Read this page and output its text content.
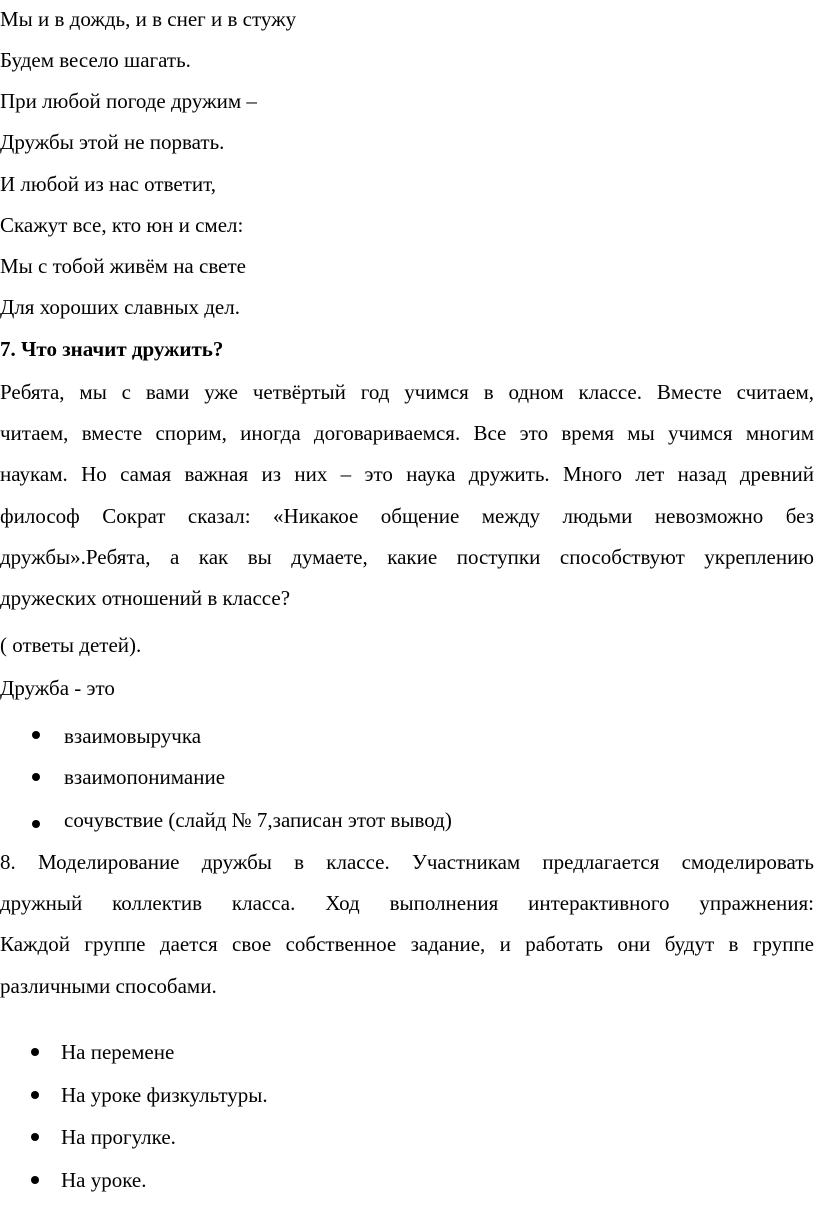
Мы и в дождь, и в снег и в стужу
Будем весело шагать.
При любой погоде дружим –
Дружбы этой не порвать.
И любой из нас ответит,
Скажут все, кто юн и смел:
Мы с тобой живём на свете
Для хороших славных дел.
7. Что значит дружить?
Ребята, мы с вами уже четвёртый год учимся в одном классе. Вместе считаем,
читаем, вместе спорим, иногда договариваемся. Все это время мы учимся многим
наукам. Но самая важная из них – это наука дружить. Много лет назад древний
философ Сократ сказал: «Никакое общение между людьми невозможно без
дружбы».Ребята, а как вы думаете, какие поступки способствуют укреплению
дружеских отношений в классе?
( ответы детей).
Дружба - это
взаимовыручка
взаимопонимание
сочувствие (слайд № 7,записан этот вывод)
8. Моделирование дружбы в классе. Участникам предлагается смоделировать
дружный коллектив класса. Ход выполнения интерактивного упражнения:
Каждой группе дается свое собственное задание, и работать они будут в группе
различными способами.
На перемене
На уроке физкультуры.
На прогулке.
На уроке.
